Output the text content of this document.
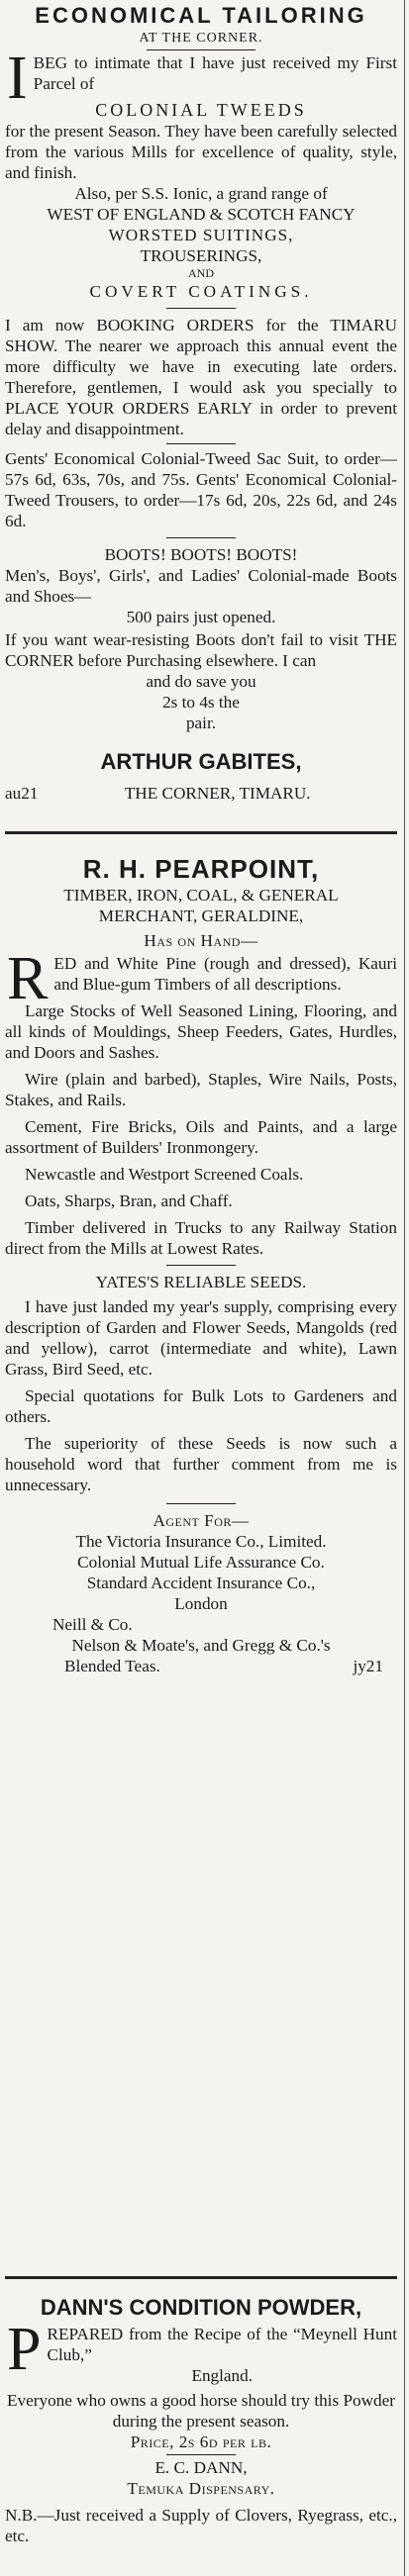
ECONOMICAL TAILORING

AT THE CORNER.

I BEG to intimate that I have just received my First Parcel of

COLONIAL TWEEDS

for the present Season. They have been carefully selected from the various Mills for excellence of quality, style, and finish.

Also, per S.S. Ionic, a grand range of

WEST OF ENGLAND & SCOTCH FANCY

WORSTED SUITINGS,

TROUSERINGS,

AND

COVERT COATINGS.

I am now BOOKING ORDERS for the TIMARU SHOW. The nearer we approach this annual event the more difficulty we have in executing late orders. Therefore, gentlemen, I would ask you specially to PLACE YOUR ORDERS EARLY in order to prevent delay and disappointment.

Gents' Economical Colonial-Tweed Sac Suit, to order—57s 6d, 63s, 70s, and 75s. Gents' Economical Colonial-Tweed Trousers, to order—17s 6d, 20s, 22s 6d, and 24s 6d.

BOOTS! BOOTS! BOOTS!

Men's, Boys', Girls', and Ladies' Colonial-made Boots and Shoes—

500 pairs just opened.

If you want wear-resisting Boots don't fail to visit THE CORNER before Purchasing elsewhere. I can

and do save you

2s to 4s the

pair.

ARTHUR GABITES,

au21	THE CORNER, TIMARU.

R. H. PEARPOINT,

TIMBER, IRON, COAL, & GENERAL

MERCHANT, GERALDINE,

Has on Hand—

R ED and White Pine (rough and dressed), Kauri and Blue-gum Timbers of all descriptions.

Large Stocks of Well Seasoned Lining, Flooring, and all kinds of Mouldings, Sheep Feeders, Gates, Hurdles, and Doors and Sashes.

Wire (plain and barbed), Staples, Wire Nails, Posts, Stakes, and Rails.

Cement, Fire Bricks, Oils and Paints, and a large assortment of Builders' Ironmongery.

Newcastle and Westport Screened Coals.

Oats, Sharps, Bran, and Chaff.

Timber delivered in Trucks to any Railway Station direct from the Mills at Lowest Rates.

YATES'S RELIABLE SEEDS.

I have just landed my year's supply, comprising every description of Garden and Flower Seeds, Mangolds (red and yellow), carrot (intermediate and white), Lawn Grass, Bird Seed, etc.

Special quotations for Bulk Lots to Gardeners and others.

The superiority of these Seeds is now such a household word that further comment from me is unnecessary.

Agent For—

The Victoria Insurance Co., Limited.

Colonial Mutual Life Assurance Co.

Standard Accident Insurance Co.,

London

Neill & Co.

Nelson & Moate's, and Gregg & Co.'s

Blended Teas.	jy21

DANN'S CONDITION POWDER,

P REPARED from the Recipe of the “Meynell Hunt Club,”

England.

Everyone who owns a good horse should try this Powder during the present season.

Price, 2s 6d per lb.

E. C. DANN,

Temuka Dispensary.

N.B.—Just received a Supply of Clovers, Ryegrass, etc., etc.
